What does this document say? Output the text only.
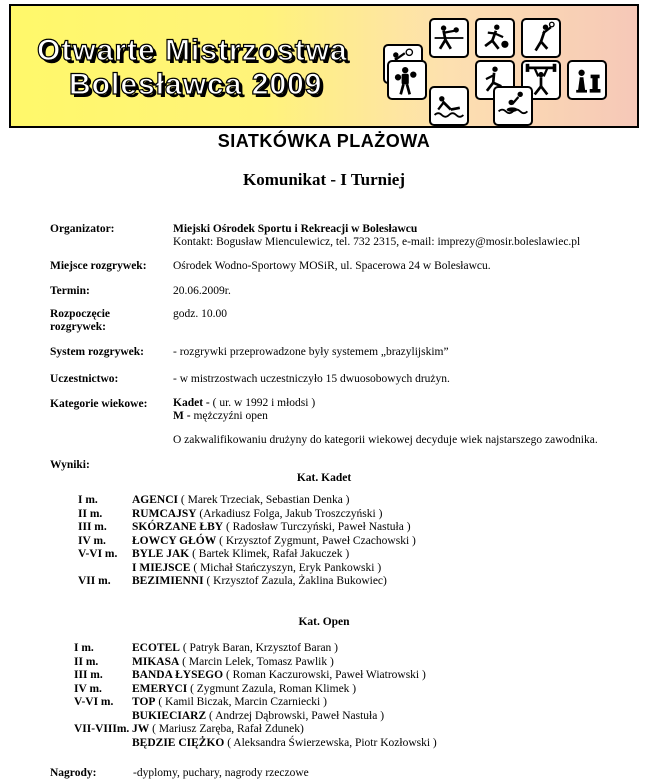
Otwarte Mistrzostwa
Bolesławca 2009
SIATKÓWKA PLAŻOWA
Komunikat - I Turniej
Organizator:	Miejski Ośrodek Sportu i Rekreacji w Bolesławcu
Kontakt: Bogusław Mienculewicz, tel. 732 2315, e-mail: imprezy@mosir.boleslawiec.pl
Miejsce rozgrywek: Ośrodek Wodno-Sportowy MOSiR, ul. Spacerowa 24 w Bolesławcu.
Termin:	20.06.2009r.
Rozpoczęcie
rozgrywek:
godz. 10.00
System rozgrywek:	- rozgrywki przeprowadzone były systemem „brazylijskim”
Uczestnictwo:	- w mistrzostwach uczestniczyło 15 dwuosobowych drużyn.
Kategorie wiekowe: Kadet - ( ur. w 1992 i młodsi )
M - mężczyźni open
O zakwalifikowaniu drużyny do kategorii wiekowej decyduje wiek najstarszego zawodnika.
Wyniki:
Kat. Kadet
I m.	AGENCI ( Marek Trzeciak, Sebastian Denka )
II m.	RUMCAJSY (Arkadiusz Folga, Jakub Troszczyński )
III m. SKÓRZANE ŁBY ( Radosław Turczyński, Paweł Nastuła )
IV m. ŁOWCY GŁÓW ( Krzysztof Zygmunt, Paweł Czachowski )
V-VI m. BYLE JAK ( Bartek Klimek, Rafał Jakuczek )
I MIEJSCE ( Michał Stańczyszyn, Eryk Pankowski )
VII m. BEZIMIENNI ( Krzysztof Zazula, Żaklina Bukowiec)
Kat. Open
I m.	ECOTEL ( Patryk Baran, Krzysztof Baran )
II m.	MIKASA ( Marcin Lelek, Tomasz Pawlik )
III m.	BANDA ŁYSEGO ( Roman Kaczurowski, Paweł Wiatrowski )
IV m.	EMERYCI ( Zygmunt Zazula, Roman Klimek )
V-VI m. TOP ( Kamil Biczak, Marcin Czarniecki )
BUKIECIARZ ( Andrzej Dąbrowski, Paweł Nastuła )
VII-VIIIm. JW ( Mariusz Zaręba, Rafał Zdunek)
BĘDZIE CIĘŻKO ( Aleksandra Świerzewska, Piotr Kozłowski )
Nagrody:	-dyplomy, puchary, nagrody rzeczowe
